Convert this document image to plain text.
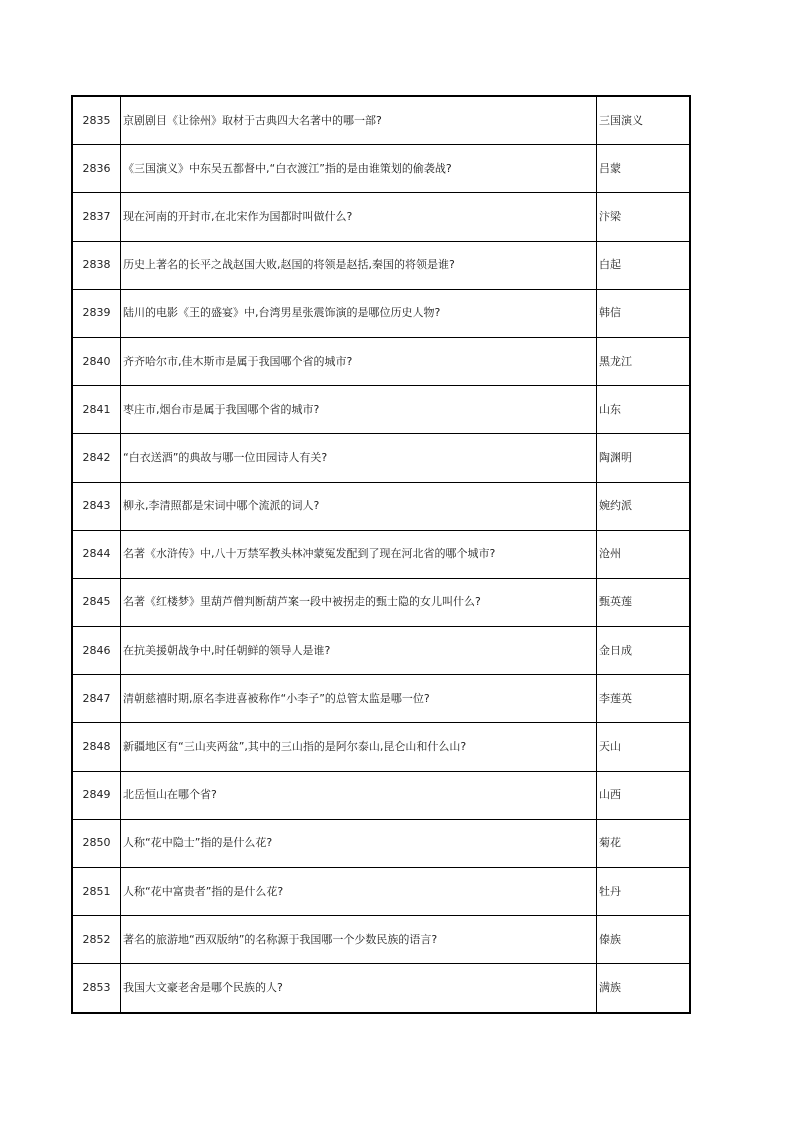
2835	京剧剧目《让徐州》取材于古典四大名著中的哪一部?	三国演义
2836	《三国演义》中东吴五都督中,“白衣渡江”指的是由谁策划的偷袭战?	吕蒙
2837	现在河南的开封市,在北宋作为国都时叫做什么?	汴梁
2838	历史上著名的长平之战赵国大败,赵国的将领是赵括,秦国的将领是谁?	白起
2839	陆川的电影《王的盛宴》中,台湾男星张震饰演的是哪位历史人物?	韩信
2840	齐齐哈尔市,佳木斯市是属于我国哪个省的城市?	黑龙江
2841	枣庄市,烟台市是属于我国哪个省的城市?	山东
2842	“白衣送酒”的典故与哪一位田园诗人有关?	陶渊明
2843	柳永,李清照都是宋词中哪个流派的词人?	婉约派
2844	名著《水浒传》中,八十万禁军教头林冲蒙冤发配到了现在河北省的哪个城市?	沧州
2845	名著《红楼梦》里葫芦僧判断葫芦案一段中被拐走的甄士隐的女儿叫什么?	甄英莲
2846	在抗美援朝战争中,时任朝鲜的领导人是谁?	金日成
2847	清朝慈禧时期,原名李进喜被称作“小李子”的总管太监是哪一位?	李莲英
2848	新疆地区有“三山夹两盆”,其中的三山指的是阿尔泰山,昆仑山和什么山?	天山
2849	北岳恒山在哪个省?	山西
2850	人称“花中隐士”指的是什么花?	菊花
2851	人称“花中富贵者”指的是什么花?	牡丹
2852	著名的旅游地“西双版纳”的名称源于我国哪一个少数民族的语言?	傣族
2853	我国大文豪老舍是哪个民族的人?	满族
